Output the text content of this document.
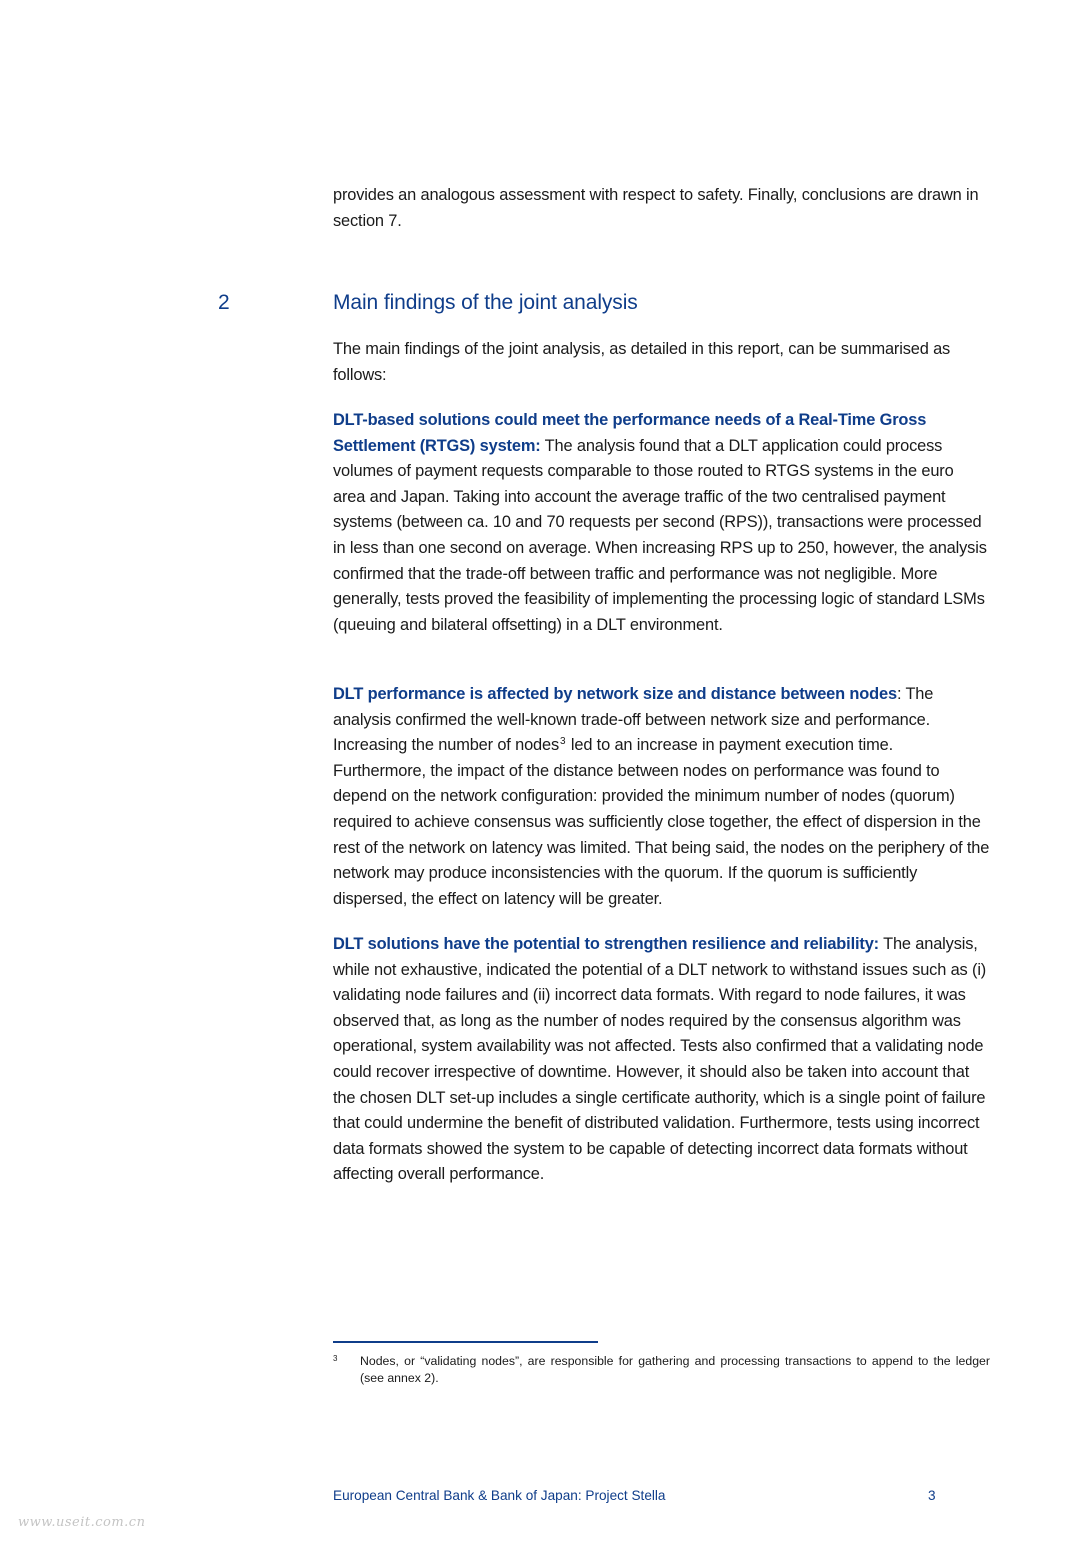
provides an analogous assessment with respect to safety. Finally, conclusions are drawn in section 7.

2	Main findings of the joint analysis

The main findings of the joint analysis, as detailed in this report, can be summarised as follows:

DLT-based solutions could meet the performance needs of a Real-Time Gross Settlement (RTGS) system: The analysis found that a DLT application could process volumes of payment requests comparable to those routed to RTGS systems in the euro area and Japan. Taking into account the average traffic of the two centralised payment systems (between ca. 10 and 70 requests per second (RPS)), transactions were processed in less than one second on average. When increasing RPS up to 250, however, the analysis confirmed that the trade-off between traffic and performance was not negligible. More generally, tests proved the feasibility of implementing the processing logic of standard LSMs (queuing and bilateral offsetting) in a DLT environment.

DLT performance is affected by network size and distance between nodes: The analysis confirmed the well-known trade-off between network size and performance. Increasing the number of nodes$^3$ led to an increase in payment execution time. Furthermore, the impact of the distance between nodes on performance was found to depend on the network configuration: provided the minimum number of nodes (quorum) required to achieve consensus was sufficiently close together, the effect of dispersion in the rest of the network on latency was limited. That being said, the nodes on the periphery of the network may produce inconsistencies with the quorum. If the quorum is sufficiently dispersed, the effect on latency will be greater.

DLT solutions have the potential to strengthen resilience and reliability: The analysis, while not exhaustive, indicated the potential of a DLT network to withstand issues such as (i) validating node failures and (ii) incorrect data formats. With regard to node failures, it was observed that, as long as the number of nodes required by the consensus algorithm was operational, system availability was not affected. Tests also confirmed that a validating node could recover irrespective of downtime. However, it should also be taken into account that the chosen DLT set-up includes a single certificate authority, which is a single point of failure that could undermine the benefit of distributed validation. Furthermore, tests using incorrect data formats showed the system to be capable of detecting incorrect data formats without affecting overall performance.

3 Nodes, or “validating nodes”, are responsible for gathering and processing transactions to append to the ledger (see annex 2).

European Central Bank & Bank of Japan: Project Stella	3

www.useit.com.cn
